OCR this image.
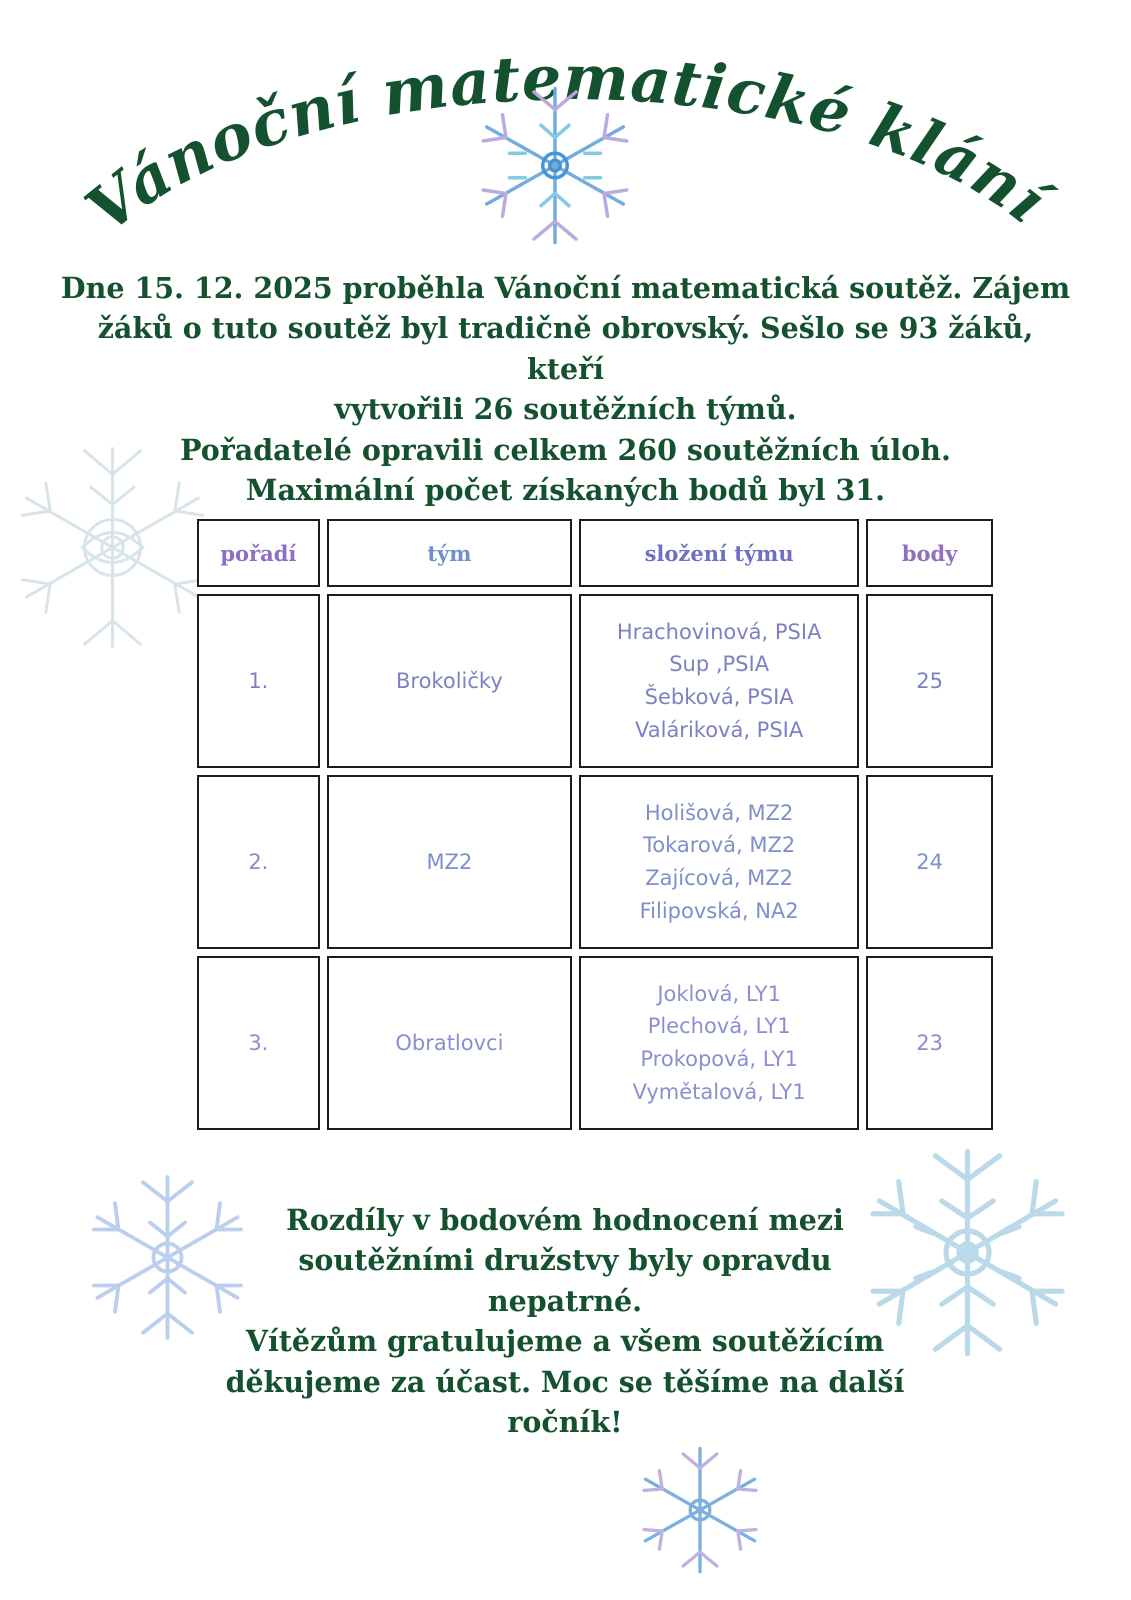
Vánoční matematické klání
Dne 15. 12. 2025 proběhla Vánoční matematická soutěž. Zájem
žáků o tuto soutěž byl tradičně obrovský. Sešlo se 93 žáků, kteří
vytvořili 26 soutěžních týmů.
Pořadatelé opravili celkem 260 soutěžních úloh.
Maximální počet získaných bodů byl 31.
pořadí	tým	složení týmu	body
1.	Brokoličky	Hrachovinová, PSIA
Sup ,PSIA
Šebková, PSIA
Valáriková, PSIA	25
2.	MZ2	Holišová, MZ2
Tokarová, MZ2
Zajícová, MZ2
Filipovská, NA2	24
3.	Obratlovci	Joklová, LY1
Plechová, LY1
Prokopová, LY1
Vymětalová, LY1	23
Rozdíly v bodovém hodnocení mezi
soutěžními družstvy byly opravdu
nepatrné.
Vítězům gratulujeme a všem soutěžícím
děkujeme za účast. Moc se těšíme na další
ročník!
